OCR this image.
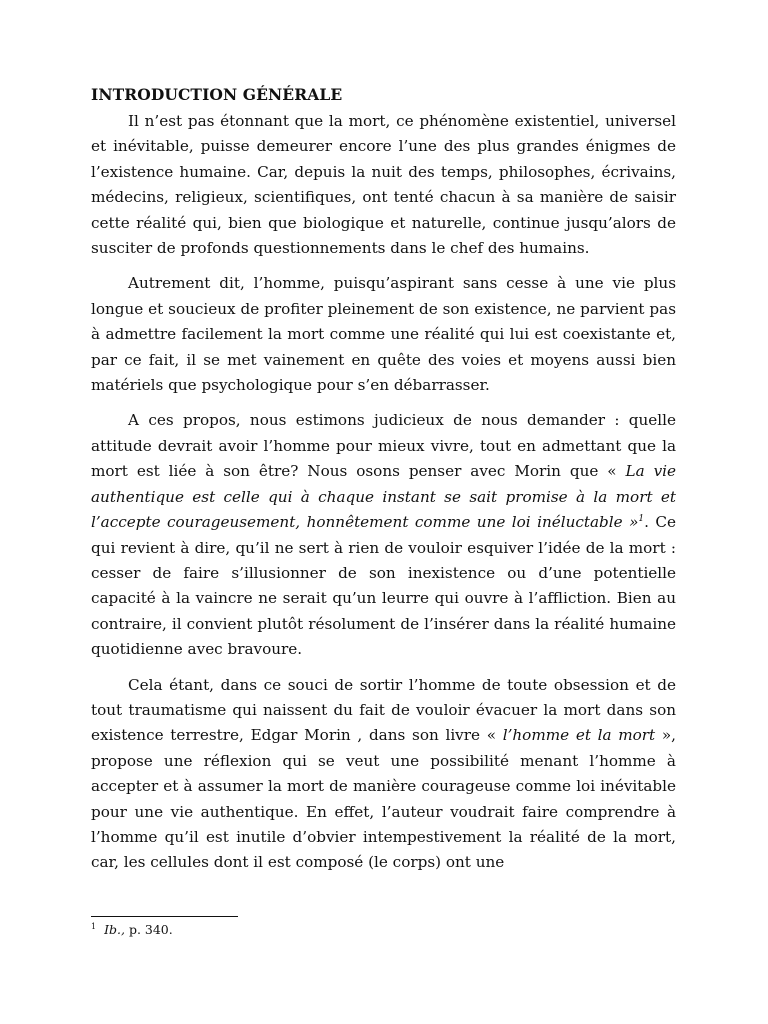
INTRODUCTION GÉNÉRALE

Il n’est pas étonnant que la mort, ce phénomène existentiel, universel et inévitable, puisse demeurer encore l’une des plus grandes énigmes de l’existence humaine. Car, depuis la nuit des temps, philosophes, écrivains, médecins, religieux, scientifiques, ont tenté chacun à sa manière de saisir cette réalité qui, bien que biologique et naturelle, continue jusqu’alors de susciter de profonds questionnements dans le chef des humains.

Autrement dit, l’homme, puisqu’aspirant sans cesse à une vie plus longue et soucieux de profiter pleinement de son existence, ne parvient pas à admettre facilement la mort comme une réalité qui lui est coexistante et, par ce fait, il se met vainement en quête des voies et moyens aussi bien matériels que psychologique pour s’en débarrasser.

A ces propos, nous estimons judicieux de nous demander : quelle attitude devrait avoir l’homme pour mieux vivre, tout en admettant que la mort est liée à son être? Nous osons penser avec Morin que « La vie authentique est celle qui à chaque instant se sait promise à la mort et l’accepte courageusement, honnêtement comme une loi inéluctable »$^1$. Ce qui revient à dire, qu’il ne sert à rien de vouloir esquiver l’idée de la mort : cesser de faire s’illusionner de son inexistence ou d’une potentielle capacité à la vaincre ne serait qu’un leurre qui ouvre à l’affliction. Bien au contraire, il convient plutôt résolument de l’insérer dans la réalité humaine quotidienne avec bravoure.

Cela étant, dans ce souci de sortir l’homme de toute obsession et de tout traumatisme qui naissent du fait de vouloir évacuer la mort dans son existence terrestre, Edgar Morin , dans son livre « l’homme et la mort », propose une réflexion qui se veut une possibilité menant l’homme à accepter et à assumer la mort de manière courageuse comme loi inévitable pour une vie authentique. En effet, l’auteur voudrait faire comprendre à l’homme qu’il est inutile d’obvier intempestivement la réalité de la mort, car, les cellules dont il est composé (le corps) ont une

$^1$ Ib., p. 340.
